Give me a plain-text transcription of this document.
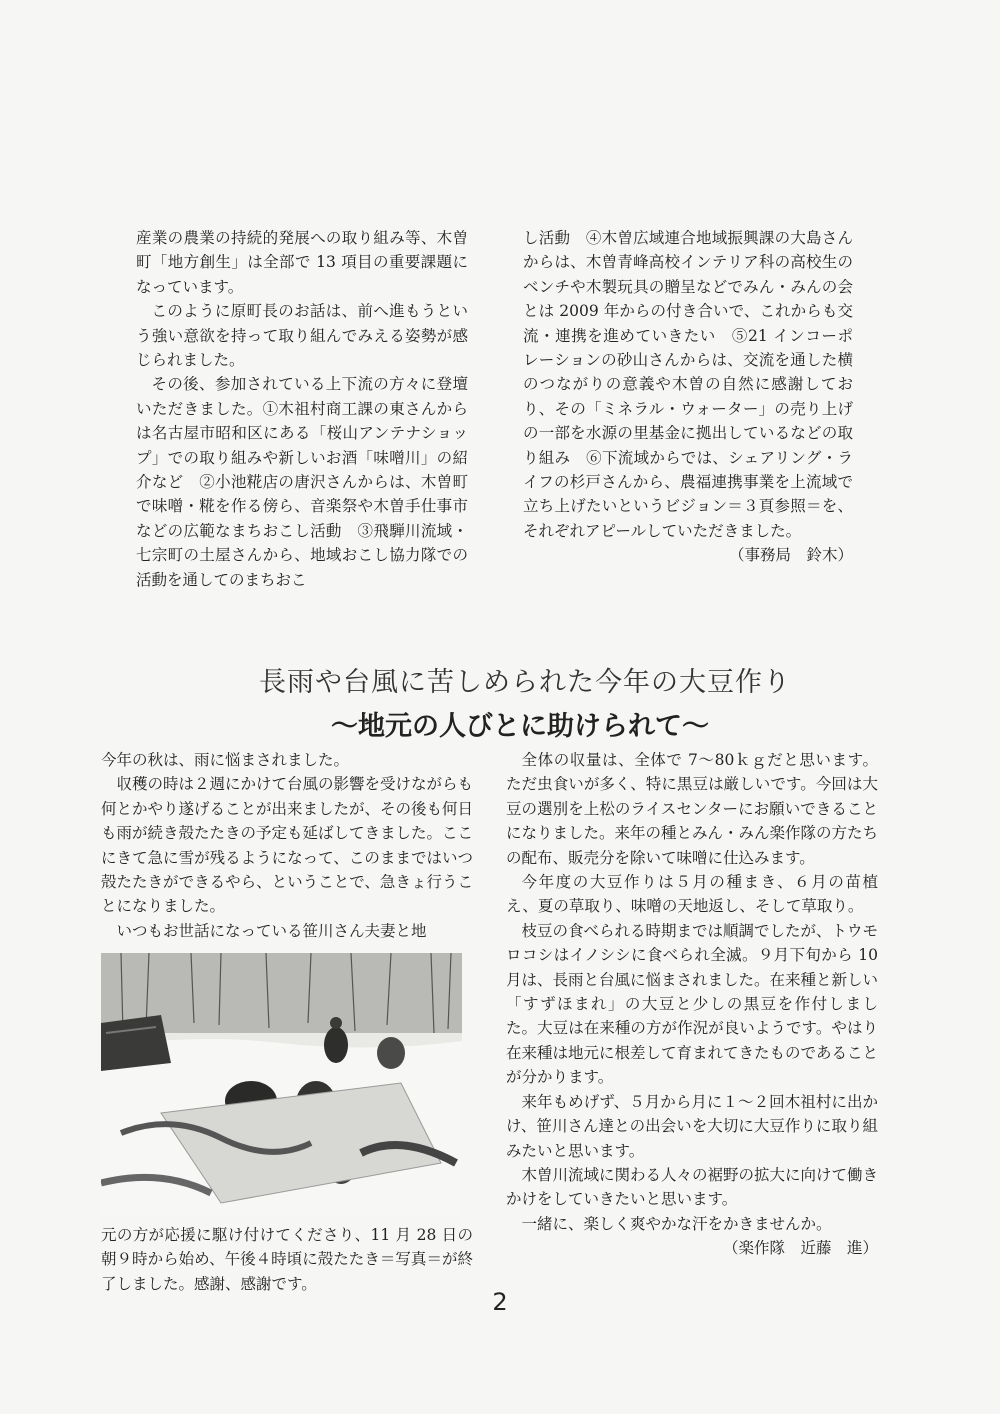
産業の農業の持続的発展への取り組み等、木曽町「地方創生」は全部で 13 項目の重要課題になっています。

このように原町長のお話は、前へ進もうという強い意欲を持って取り組んでみえる姿勢が感じられました。

その後、参加されている上下流の方々に登壇いただきました。①木祖村商工課の東さんからは名古屋市昭和区にある「桜山アンテナショップ」での取り組みや新しいお酒「味噌川」の紹介など　②小池糀店の唐沢さんからは、木曽町で味噌・糀を作る傍ら、音楽祭や木曽手仕事市などの広範なまちおこし活動　③飛騨川流域・七宗町の土屋さんから、地域おこし協力隊での活動を通してのまちおこ

し活動　④木曽広域連合地域振興課の大島さんからは、木曽青峰高校インテリア科の高校生のベンチや木製玩具の贈呈などでみん・みんの会とは 2009 年からの付き合いで、これからも交流・連携を進めていきたい　⑤21 インコーポレーションの砂山さんからは、交流を通した横のつながりの意義や木曽の自然に感謝しており、その「ミネラル・ウォーター」の売り上げの一部を水源の里基金に拠出しているなどの取り組み　⑥下流域からでは、シェアリング・ライフの杉戸さんから、農福連携事業を上流域で立ち上げたいというビジョン＝３頁参照＝を、それぞれアピールしていただきました。

（事務局　鈴木）

長雨や台風に苦しめられた今年の大豆作り
～地元の人びとに助けられて～

今年の秋は、雨に悩まされました。

収穫の時は２週にかけて台風の影響を受けながらも何とかやり遂げることが出来ましたが、その後も何日も雨が続き殻たたきの予定も延ばしてきました。ここにきて急に雪が残るようになって、このままではいつ殻たたきができるやら、ということで、急きょ行うことになりました。

いつもお世話になっている笹川さん夫妻と地

元の方が応援に駆け付けてくださり、11 月 28 日の朝９時から始め、午後４時頃に殻たたき＝写真＝が終了しました。感謝、感謝です。

全体の収量は、全体で 7～80ｋｇだと思います。ただ虫食いが多く、特に黒豆は厳しいです。今回は大豆の選別を上松のライスセンターにお願いできることになりました。来年の種とみん・みん楽作隊の方たちの配布、販売分を除いて味噌に仕込みます。

今年度の大豆作りは５月の種まき、６月の苗植え、夏の草取り、味噌の天地返し、そして草取り。

枝豆の食べられる時期までは順調でしたが、トウモロコシはイノシシに食べられ全滅。９月下旬から 10 月は、長雨と台風に悩まされました。在来種と新しい「すずほまれ」の大豆と少しの黒豆を作付しました。大豆は在来種の方が作況が良いようです。やはり在来種は地元に根差して育まれてきたものであることが分かります。

来年もめげず、５月から月に１～２回木祖村に出かけ、笹川さん達との出会いを大切に大豆作りに取り組みたいと思います。

木曽川流域に関わる人々の裾野の拡大に向けて働きかけをしていきたいと思います。

一緒に、楽しく爽やかな汗をかきませんか。

（楽作隊　近藤　進）

2
